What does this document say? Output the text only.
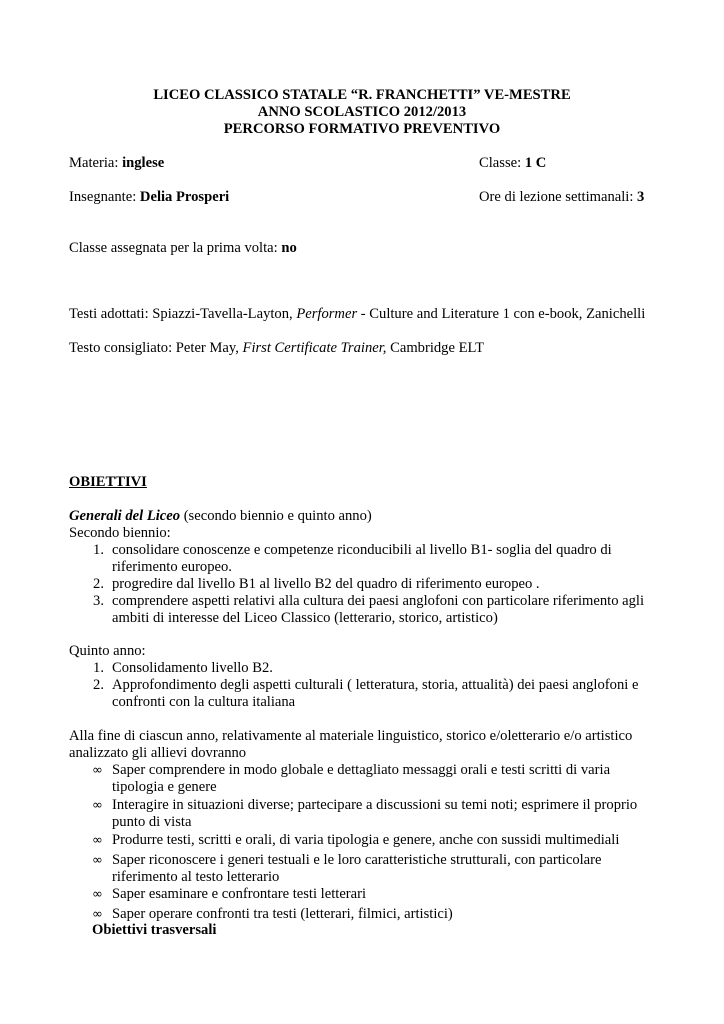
LICEO CLASSICO STATALE “R. FRANCHETTI” VE-MESTRE
ANNO SCOLASTICO 2012/2013
PERCORSO FORMATIVO PREVENTIVO
Materia: inglese	Classe: 1 C
Insegnante: Delia Prosperi	Ore di lezione settimanali: 3
Classe assegnata per la prima volta: no
Testi adottati: Spiazzi-Tavella-Layton, Performer - Culture and Literature 1 con e-book, Zanichelli
Testo consigliato: Peter May, First Certificate Trainer, Cambridge ELT
OBIETTIVI
Generali del Liceo (secondo biennio e quinto anno)
Secondo biennio:
1. consolidare conoscenze e competenze riconducibili al livello B1- soglia del quadro di
riferimento europeo.
2. progredire dal livello B1 al livello B2 del quadro di riferimento europeo .
3. comprendere aspetti relativi alla cultura dei paesi anglofoni con particolare riferimento agli
ambiti di interesse del Liceo Classico (letterario, storico, artistico)
Quinto anno:
1. Consolidamento livello B2.
2. Approfondimento degli aspetti culturali ( letteratura, storia, attualità) dei paesi anglofoni e
confronti con la cultura italiana
Alla fine di ciascun anno, relativamente al materiale linguistico, storico e/oletterario e/o artistico
analizzato gli allievi dovranno
∞ Saper comprendere in modo globale e dettagliato messaggi orali e testi scritti di varia
tipologia e genere
∞ Interagire in situazioni diverse; partecipare a discussioni su temi noti; esprimere il proprio
punto di vista
∞ Produrre testi, scritti e orali, di varia tipologia e genere, anche con sussidi multimediali
∞ Saper riconoscere i generi testuali e le loro caratteristiche strutturali, con particolare
riferimento al testo letterario
∞ Saper esaminare e confrontare testi letterari
∞ Saper operare confronti tra testi (letterari, filmici, artistici)
Obiettivi trasversali
